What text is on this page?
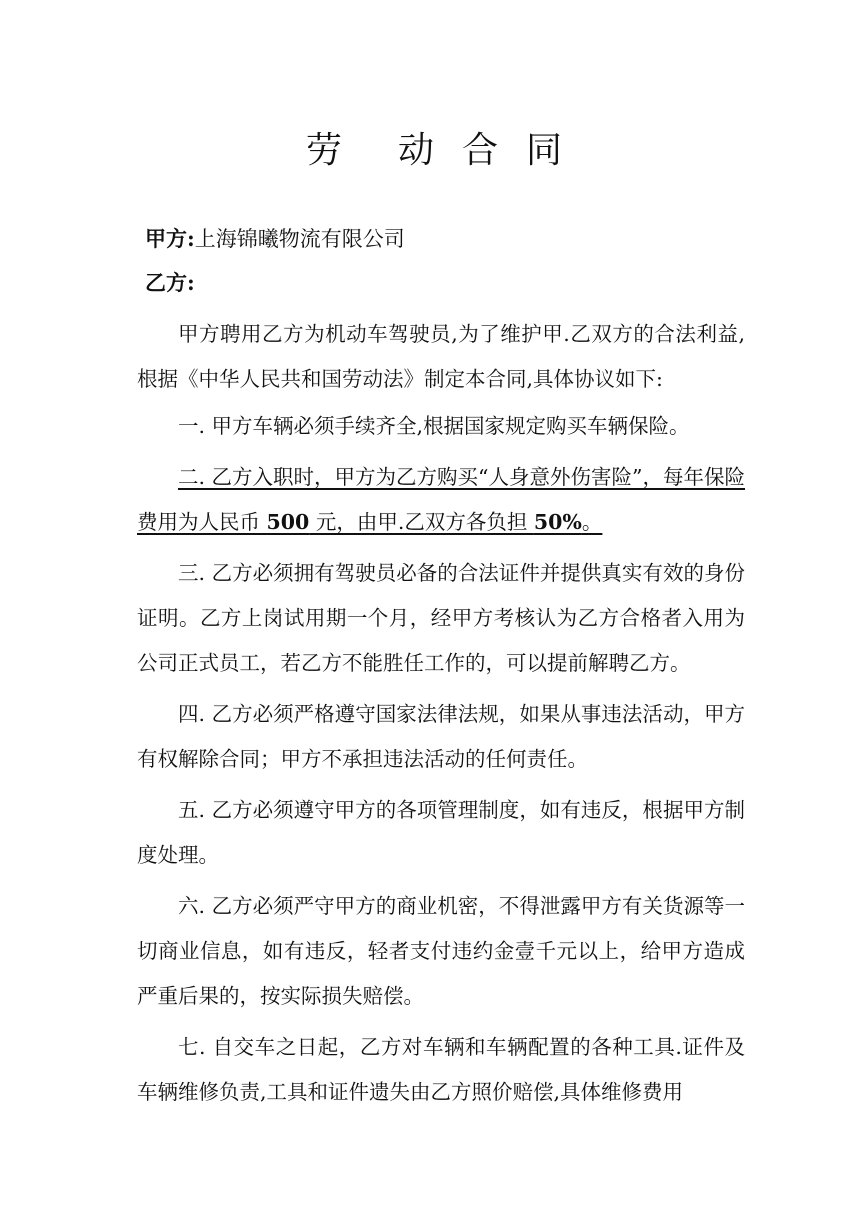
劳 动 合 同
甲方:上海锦曦物流有限公司
乙方:

甲方聘用乙方为机动车驾驶员,为了维护甲.乙双方的合法利益,根据《中华人民共和国劳动法》制定本合同,具体协议如下:

一. 甲方车辆必须手续齐全,根据国家规定购买车辆保险。

二. 乙方入职时，甲方为乙方购买“人身意外伤害险”，每年保险费用为人民币 500 元，由甲.乙双方各负担 50%。

三. 乙方必须拥有驾驶员必备的合法证件并提供真实有效的身份证明。乙方上岗试用期一个月，经甲方考核认为乙方合格者入用为公司正式员工，若乙方不能胜任工作的，可以提前解聘乙方。

四. 乙方必须严格遵守国家法律法规，如果从事违法活动，甲方有权解除合同；甲方不承担违法活动的任何责任。

五. 乙方必须遵守甲方的各项管理制度，如有违反，根据甲方制度处理。

六. 乙方必须严守甲方的商业机密，不得泄露甲方有关货源等一切商业信息，如有违反，轻者支付违约金壹千元以上，给甲方造成严重后果的，按实际损失赔偿。

七. 自交车之日起，乙方对车辆和车辆配置的各种工具.证件及车辆维修负责,工具和证件遗失由乙方照价赔偿,具体维修费用
